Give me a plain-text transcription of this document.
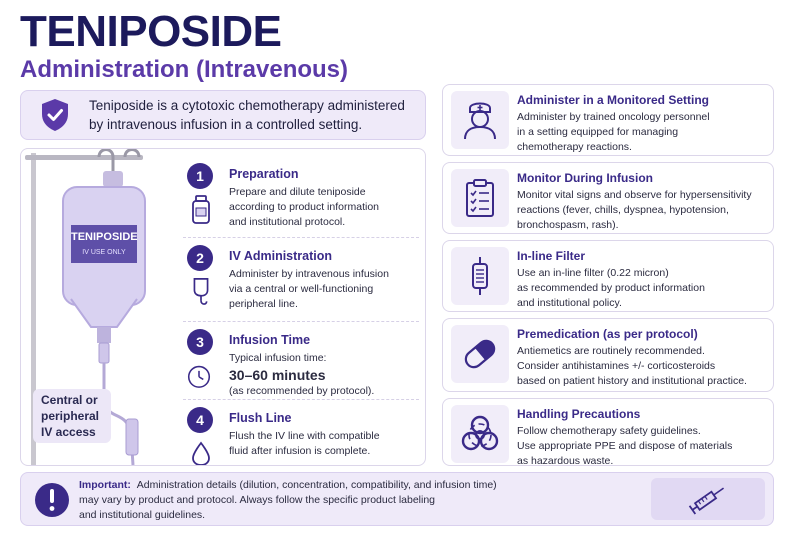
TENIPOSIDE
Administration (Intravenous)
Teniposide is a cytotoxic chemotherapy administered
by intravenous infusion in a controlled setting.
TENIPOSIDE
IV USE ONLY
Central or
peripheral
IV access
1	Preparation
Prepare and dilute teniposide
according to product information
and institutional protocol.
2	IV Administration
Administer by intravenous infusion
via a central or well-functioning
peripheral line.
3	Infusion Time
Typical infusion time:
30–60 minutes
(as recommended by protocol).
4	Flush Line
Flush the IV line with compatible
fluid after infusion is complete.
Administer in a Monitored Setting
Administer by trained oncology personnel
in a setting equipped for managing
chemotherapy reactions.
Monitor During Infusion
Monitor vital signs and observe for hypersensitivity
reactions (fever, chills, dyspnea, hypotension,
bronchospasm, rash).
In-line Filter
Use an in-line filter (0.22 micron)
as recommended by product information
and institutional policy.
Premedication (as per protocol)
Antiemetics are routinely recommended.
Consider antihistamines +/- corticosteroids
based on patient history and institutional practice.
Handling Precautions
Follow chemotherapy safety guidelines.
Use appropriate PPE and dispose of materials
as hazardous waste.
Important: Administration details (dilution, concentration, compatibility, and infusion time)
may vary by product and protocol. Always follow the specific product labeling
and institutional guidelines.
